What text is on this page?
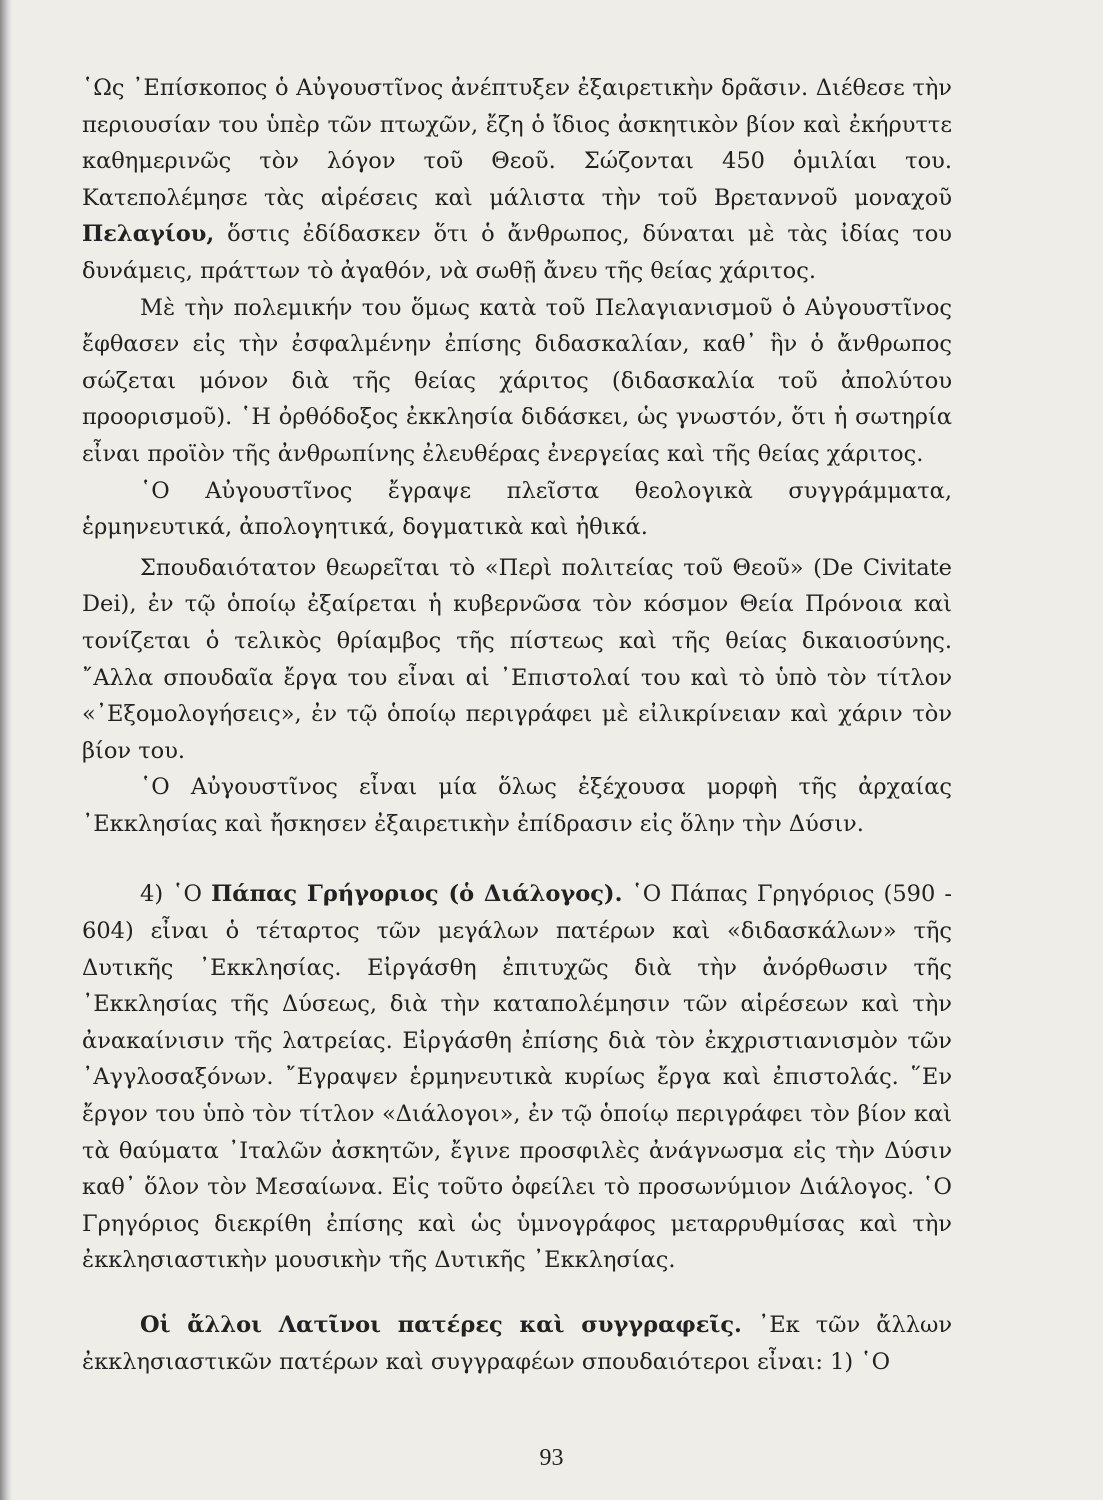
῾Ως ᾿Επίσκοπος ὁ Αὐγουστῖνος ἀνέπτυξεν ἐξαιρετικὴν δρᾶσιν. Διέθεσε τὴν περιουσίαν του ὑπὲρ τῶν πτωχῶν, ἔζη ὁ ἴδιος ἀσκητικὸν βίον καὶ ἐκήρυττε καθημερινῶς τὸν λόγον τοῦ Θεοῦ. Σώζονται 450 ὁμιλίαι του. Κατεπολέμησε τὰς αἱρέσεις καὶ μάλιστα τὴν τοῦ Βρεταννοῦ μοναχοῦ Πελαγίου, ὅστις ἐδίδασκεν ὅτι ὁ ἄνθρωπος, δύναται μὲ τὰς ἰδίας του δυνάμεις, πράττων τὸ ἀγαθόν, νὰ σωθῇ ἄνευ τῆς θείας χάριτος.

Μὲ τὴν πολεμικήν του ὅμως κατὰ τοῦ Πελαγιανισμοῦ ὁ Αὐγουστῖνος ἔφθασεν εἰς τὴν ἐσφαλμένην ἐπίσης διδασκαλίαν, καθ᾿ ἣν ὁ ἄνθρωπος σώζεται μόνον διὰ τῆς θείας χάριτος (διδασκαλία τοῦ ἀπολύτου προορισμοῦ). ῾Η ὀρθόδοξος ἐκκλησία διδάσκει, ὡς γνωστόν, ὅτι ἡ σωτηρία εἶναι προϊὸν τῆς ἀνθρωπίνης ἐλευθέρας ἐνεργείας καὶ τῆς θείας χάριτος.

῾Ο Αὐγουστῖνος ἔγραψε πλεῖστα θεολογικὰ συγγράμματα, ἑρμηνευτικά, ἀπολογητικά, δογματικὰ καὶ ἠθικά.

Σπουδαιότατον θεωρεῖται τὸ «Περὶ πολιτείας τοῦ Θεοῦ» (De Civitate Dei), ἐν τῷ ὁποίῳ ἐξαίρεται ἡ κυβερνῶσα τὸν κόσμον Θεία Πρόνοια καὶ τονίζεται ὁ τελικὸς θρίαμβος τῆς πίστεως καὶ τῆς θείας δικαιοσύνης. ῎Αλλα σπουδαῖα ἔργα του εἶναι αἱ ᾿Επιστολαί του καὶ τὸ ὑπὸ τὸν τίτλον «᾿Εξομολογήσεις», ἐν τῷ ὁποίῳ περιγράφει μὲ εἰλικρίνειαν καὶ χάριν τὸν βίον του.

῾Ο Αὐγουστῖνος εἶναι μία ὅλως ἐξέχουσα μορφὴ τῆς ἀρχαίας ᾿Εκκλησίας καὶ ἤσκησεν ἐξαιρετικὴν ἐπίδρασιν εἰς ὅλην τὴν Δύσιν.

4) ῾Ο Πάπας Γρήγοριος (ὁ Διάλογος). ῾Ο Πάπας Γρηγόριος (590 - 604) εἶναι ὁ τέταρτος τῶν μεγάλων πατέρων καὶ «διδασκάλων» τῆς Δυτικῆς ᾿Εκκλησίας. Εἰργάσθη ἐπιτυχῶς διὰ τὴν ἀνόρθωσιν τῆς ᾿Εκκλησίας τῆς Δύσεως, διὰ τὴν καταπολέμησιν τῶν αἱρέσεων καὶ τὴν ἀνακαίνισιν τῆς λατρείας. Εἰργάσθη ἐπίσης διὰ τὸν ἐκχριστιανισμὸν τῶν ᾿Αγγλοσαξόνων. ῎Εγραψεν ἑρμηνευτικὰ κυρίως ἔργα καὶ ἐπιστολάς. ῞Εν ἔργον του ὑπὸ τὸν τίτλον «Διάλογοι», ἐν τῷ ὁποίῳ περιγράφει τὸν βίον καὶ τὰ θαύματα ᾿Ιταλῶν ἀσκητῶν, ἔγινε προσφιλὲς ἀνάγνωσμα εἰς τὴν Δύσιν καθ᾿ ὅλον τὸν Μεσαίωνα. Εἰς τοῦτο ὀφείλει τὸ προσωνύμιον Διάλογος. ῾Ο Γρηγόριος διεκρίθη ἐπίσης καὶ ὡς ὑμνογράφος μεταρρυθμίσας καὶ τὴν ἐκκλησιαστικὴν μουσικὴν τῆς Δυτικῆς ᾿Εκκλησίας.

Οἱ ἄλλοι Λατῖνοι πατέρες καὶ συγγραφεῖς. ᾿Εκ τῶν ἄλλων ἐκκλησιαστικῶν πατέρων καὶ συγγραφέων σπουδαιότεροι εἶναι: 1) ῾Ο

93
